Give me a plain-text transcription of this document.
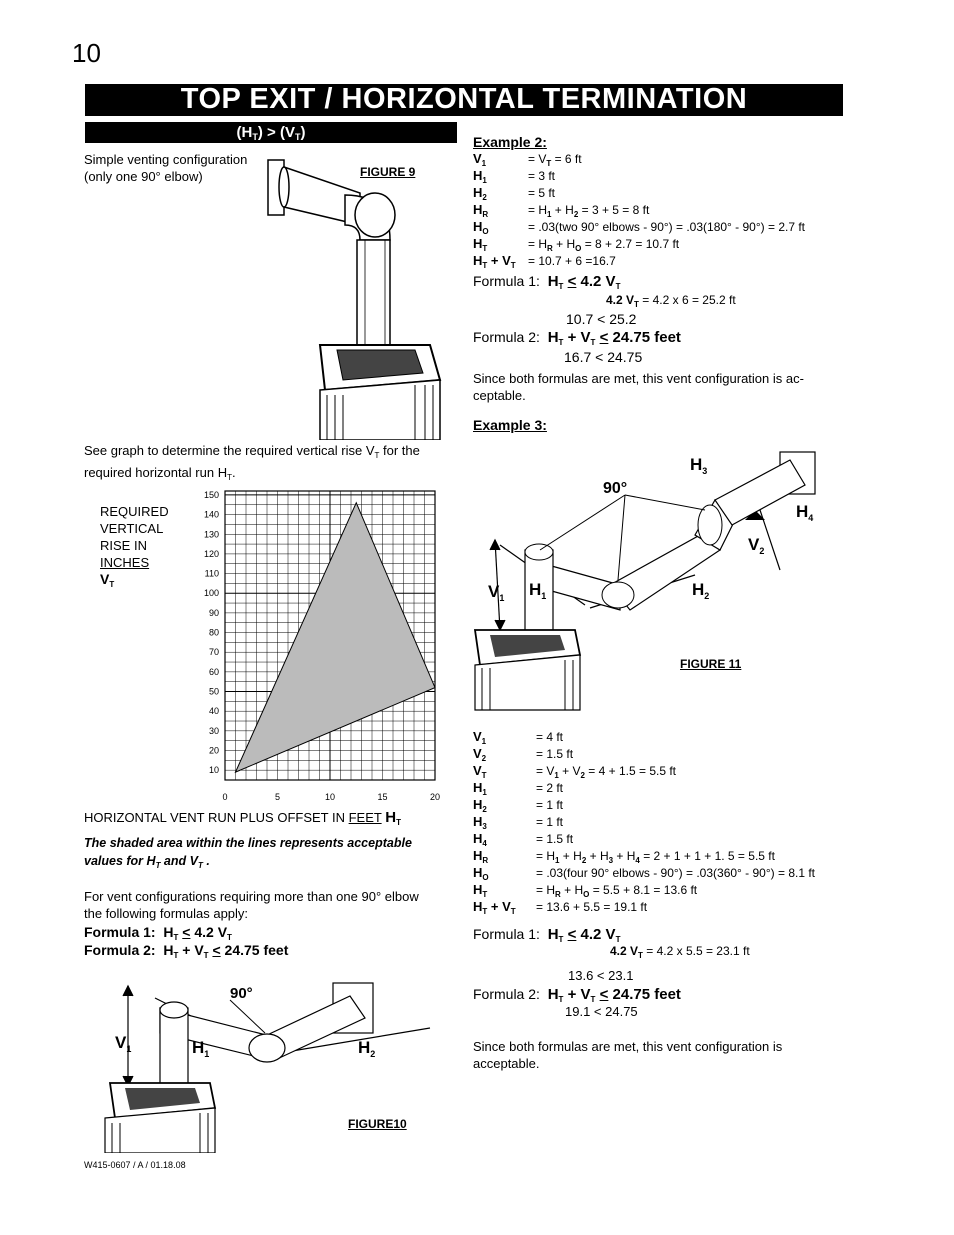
10
TOP EXIT / HORIZONTAL TERMINATION
$(H_T) > (V_T)$
Simple venting configuration
(only one 90° elbow)	FIGURE 9
See graph to determine the required vertical rise $V_T$ for the
required horizontal run $H_T$.
REQUIRED
VERTICAL
RISE IN
INCHES
$V_T$
150
140
130
120
110
100
90
80
70
60
50
40
30
20
10
0	5	10	15	20
HORIZONTAL VENT RUN PLUS OFFSET IN FEET $H_T$
The shaded area within the lines represents acceptable
values for $H_T$ and $V_T$ .
For vent configurations requiring more than one 90° elbow
the following formulas apply:
Formula 1: $H_T < 4.2$ $V_T$
Formula 2: $H_T + V_T < 24.75$ feet
90°
$V_1$	$H_1$	$H_2$
FIGURE10
W415-0607 / A / 01.18.08
Example 2:
$V_1$	= $V_T = 6$ ft
$H_1$	= 3 ft
$H_2$	= 5 ft
$H_R$	= $H_1 + H_2 = 3 + 5 = 8$ ft
$H_O$	= .03(two 90° elbows - 90°) = .03(180° - 90°) = 2.7 ft
$H_T$	= $H_R + H_O = 8 + 2.7 = 10.7$ ft
$H_T + V_T = 10.7 + 6 =16.7$
Formula 1: $H_T < 4.2$ $V_T$
4.2 $V_T = 4.2$ x 6 = 25.2 ft
10.7 < 25.2
Formula 2: $H_T + V_T < 24.75$ feet
16.7 < 24.75
Since both formulas are met, this vent configuration is ac-
ceptable.
Example 3:
90°
$H_3$
$H_4$
$V_2$
$V_1$ $H_1$	$H_2$
FIGURE 11
$V_1$	= 4 ft
$V_2$	= 1.5 ft
$V_T$	= $V_1 + V_2 = 4 + 1.5 = 5.5$ ft
$H_1$	= 2 ft
$H_2$	= 1 ft
$H_3$	= 1 ft
$H_4$	= 1.5 ft
$H_R$	= $H_1 + H_2 + H_3 + H_4 = 2 + 1 + 1 + 1$. 5 = 5.5 ft
$H_O$	= .03(four 90° elbows - 90°) = .03(360° - 90°) = 8.1 ft
$H_T$	= $H_R + H_O = 5.5 + 8.1 = 13.6$ ft
$H_T + V_T = 13.6 + 5.5 = 19.1$ ft
Formula 1: $H_T < 4.2$ $V_T$
4.2 $V_T = 4.2$ x 5.5 = 23.1 ft
13.6 < 23.1
Formula 2: $H_T + V_T < 24.75$ feet
19.1 < 24.75
Since both formulas are met, this vent configuration is
acceptable.
